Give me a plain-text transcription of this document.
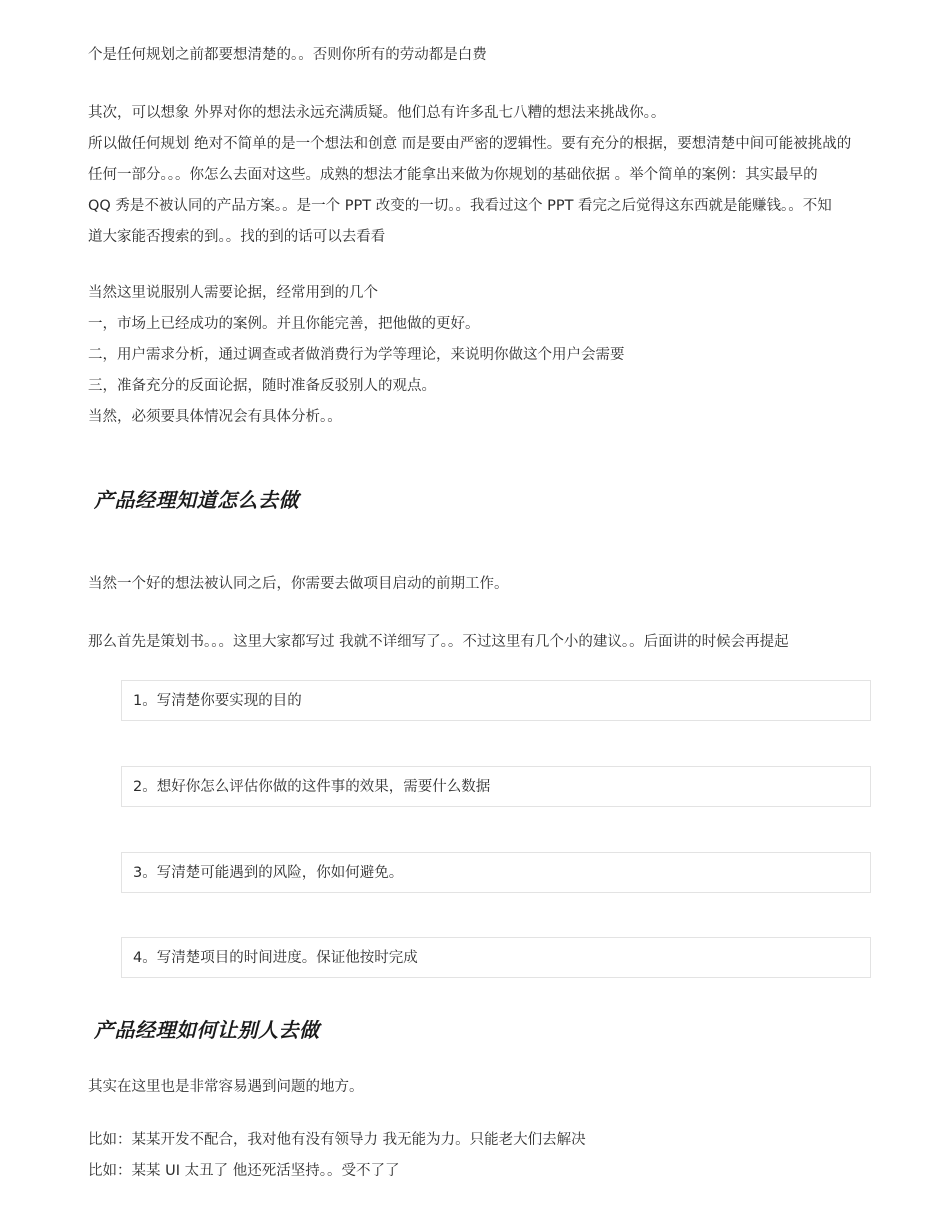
个是任何规划之前都要想清楚的。。否则你所有的劳动都是白费

其次，可以想象 外界对你的想法永远充满质疑。他们总有许多乱七八糟的想法来挑战你。。

所以做任何规划 绝对不简单的是一个想法和创意 而是要由严密的逻辑性。要有充分的根据，要想清楚中间可能被挑战的

任何一部分。。。你怎么去面对这些。成熟的想法才能拿出来做为你规划的基础依据 。举个简单的案例：其实最早的

QQ 秀是不被认同的产品方案。。是一个 PPT 改变的一切。。我看过这个 PPT 看完之后觉得这东西就是能赚钱。。不知

道大家能否搜索的到。。找的到的话可以去看看

当然这里说服别人需要论据，经常用到的几个

一，市场上已经成功的案例。并且你能完善，把他做的更好。

二，用户需求分析，通过调查或者做消费行为学等理论，来说明你做这个用户会需要

三，准备充分的反面论据，随时准备反驳别人的观点。

当然，必须要具体情况会有具体分析。。

产品经理知道怎么去做

当然一个好的想法被认同之后，你需要去做项目启动的前期工作。

那么首先是策划书。。。这里大家都写过 我就不详细写了。。不过这里有几个小的建议。。后面讲的时候会再提起

1。写清楚你要实现的目的
2。想好你怎么评估你做的这件事的效果，需要什么数据
3。写清楚可能遇到的风险，你如何避免。
4。写清楚项目的时间进度。保证他按时完成
产品经理如何让别人去做

其实在这里也是非常容易遇到问题的地方。

比如：某某开发不配合，我对他有没有领导力 我无能为力。只能老大们去解决

比如：某某 UI 太丑了 他还死活坚持。。受不了了
